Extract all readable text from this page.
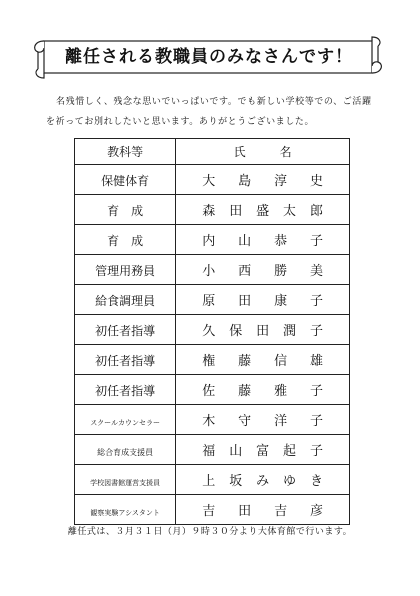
離任される教職員のみなさんです！

名残惜しく、残念な思いでいっぱいです。でも新しい学校等での、ご活躍

を祈ってお別れしたいと思います。ありがとうございました。

教科等	氏 名

保健体育	大 島 淳 史

育　成	森 田 盛 太 郎

育　成	内 山 恭 子

管理用務員	小 西 勝 美

給食調理員	原 田 康 子

初任者指導	久 保 田 潤 子

初任者指導	権 藤 信 雄

初任者指導	佐 藤 雅 子

スクールカウンセラー	木 守 洋 子

総合育成支援員	福 山 富 起 子

学校図書館運営支援員	上 坂 み ゆ き

観察実験アシスタント	吉 田 吉 彦
離任式は、３月３１日（月）９時３０分より大体育館で行います。
